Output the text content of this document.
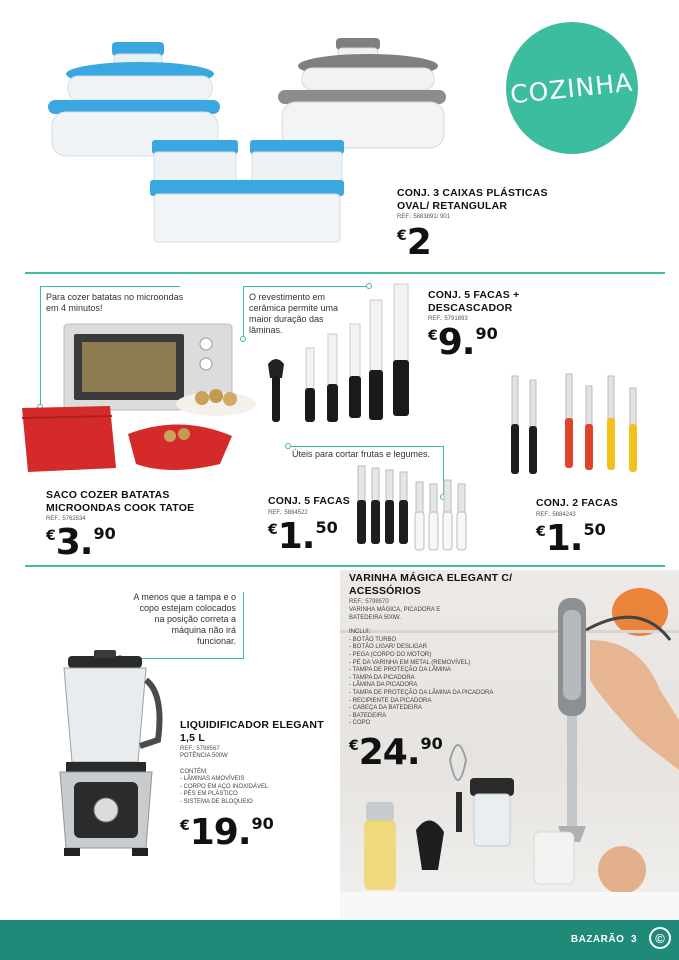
COZINHA
CONJ. 3 CAIXAS PLÁSTICAS OVAL/ RETANGULAR
REF.: 5883891/ 901
€ 2
Para cozer batatas no microondas em 4 minutos!
SACO COZER BATATAS MICROONDAS COOK TATOE
REF.: 5762534
€ 3. 90
O revestimento em cerâmica permite uma maior duração das lâminas.
CONJ. 5 FACAS + DESCASCADOR
REF.: 5791893
€ 9. 90
Úteis para cortar frutas e legumes.
CONJ. 5 FACAS
REF.: 5884522
€ 1. 50
CONJ. 2 FACAS
REF.: 5884243
€ 1. 50
VARINHA MÁGICA ELEGANT C/ ACESSÓRIOS
REF.: 5798570
VARINHA MÁGICA, PICADORA E BATEDEIRA 500W.
INCLUI:
- BOTÃO TURBO
- BOTÃO LIGAR/ DESLIGAR
- PEGA (CORPO DO MOTOR)
- PÉ DA VARINHA EM METAL (REMOVÍVEL)
- TAMPA DE PROTEÇÃO DA LÂMINA
- TAMPA DA PICADORA
- LÂMINA DA PICADORA
- TAMPA DE PROTEÇÃO DA LÂMINA DA PICADORA
- RECIPIENTE DA PICADORA
- CABEÇA DA BATEDEIRA
- BATEDEIRA
- COPO
€ 24. 90
A menos que a tampa e o copo estejam colocados na posição correta a máquina não irá funcionar.
LIQUIDIFICADOR ELEGANT 1,5 L
REF.: 5798567
POTÊNCIA 500W
CONTÉM:
- LÂMINAS AMOVÍVEIS
- CORPO EM AÇO INOXIDÁVEL
- PÉS EM PLÁSTICO
- SISTEMA DE BLOQUEIO
€ 19. 90
BAZARÃO 3	©
